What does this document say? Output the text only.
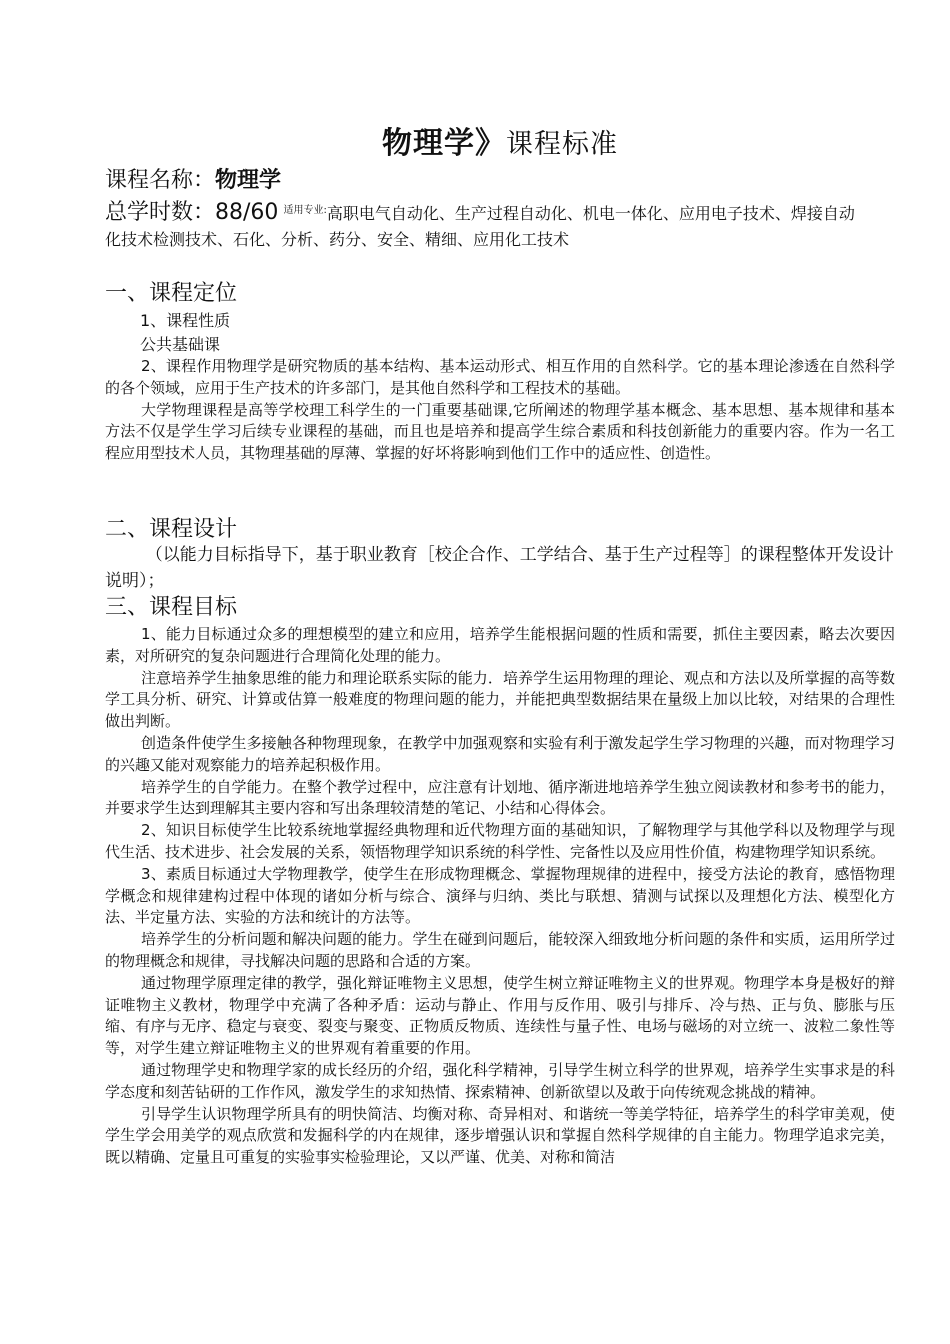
物理学》课程标准
课程名称：物理学
总学时数：88/60 $^{适用专业:}$高职电气自动化、生产过程自动化、机电一体化、应用电子技术、焊接自动
化技术检测技术、石化、分析、药分、安全、精细、应用化工技术
一、课程定位
1、课程性质
公共基础课

2、课程作用物理学是研究物质的基本结构、基本运动形式、相互作用的自然科学。它的基本理论渗透在自然科学的各个领域，应用于生产技术的许多部门，是其他自然科学和工程技术的基础。

大学物理课程是高等学校理工科学生的一门重要基础课,它所阐述的物理学基本概念、基本思想、基本规律和基本方法不仅是学生学习后续专业课程的基础，而且也是培养和提高学生综合素质和科技创新能力的重要内容。作为一名工程应用型技术人员，其物理基础的厚薄、掌握的好坏将影响到他们工作中的适应性、创造性。

二、课程设计
（以能力目标指导下，基于职业教育［校企合作、工学结合、基于生产过程等］的课程整体开发设计说明）；
三、课程目标

1、能力目标通过众多的理想模型的建立和应用，培养学生能根据问题的性质和需要，抓住主要因素，略去次要因素，对所研究的复杂问题进行合理简化处理的能力。

注意培养学生抽象思维的能力和理论联系实际的能力．培养学生运用物理的理论、观点和方法以及所掌握的高等数学工具分析、研究、计算或估算一般难度的物理问题的能力，并能把典型数据结果在量级上加以比较，对结果的合理性做出判断。

创造条件使学生多接触各种物理现象，在教学中加强观察和实验有利于激发起学生学习物理的兴趣，而对物理学习的兴趣又能对观察能力的培养起积极作用。

培养学生的自学能力。在整个教学过程中，应注意有计划地、循序渐进地培养学生独立阅读教材和参考书的能力，并要求学生达到理解其主要内容和写出条理较清楚的笔记、小结和心得体会。

2、知识目标使学生比较系统地掌握经典物理和近代物理方面的基础知识，了解物理学与其他学科以及物理学与现代生活、技术进步、社会发展的关系，领悟物理学知识系统的科学性、完备性以及应用性价值，构建物理学知识系统。

3、素质目标通过大学物理教学，使学生在形成物理概念、掌握物理规律的进程中，接受方法论的教育，感悟物理学概念和规律建构过程中体现的诸如分析与综合、演绎与归纳、类比与联想、猜测与试探以及理想化方法、模型化方法、半定量方法、实验的方法和统计的方法等。

培养学生的分析问题和解决问题的能力。学生在碰到问题后，能较深入细致地分析问题的条件和实质，运用所学过的物理概念和规律，寻找解决问题的思路和合适的方案。

通过物理学原理定律的教学，强化辩证唯物主义思想，使学生树立辩证唯物主义的世界观。物理学本身是极好的辩证唯物主义教材，物理学中充满了各种矛盾：运动与静止、作用与反作用、吸引与排斥、冷与热、正与负、膨胀与压缩、有序与无序、稳定与衰变、裂变与聚变、正物质反物质、连续性与量子性、电场与磁场的对立统一、波粒二象性等等，对学生建立辩证唯物主义的世界观有着重要的作用。

通过物理学史和物理学家的成长经历的介绍，强化科学精神，引导学生树立科学的世界观，培养学生实事求是的科学态度和刻苦钻研的工作作风，激发学生的求知热情、探索精神、创新欲望以及敢于向传统观念挑战的精神。

引导学生认识物理学所具有的明快简洁、均衡对称、奇异相对、和谐统一等美学特征，培养学生的科学审美观，使学生学会用美学的观点欣赏和发掘科学的内在规律，逐步增强认识和掌握自然科学规律的自主能力。物理学追求完美，既以精确、定量且可重复的实验事实检验理论，又以严谨、优美、对称和简洁
